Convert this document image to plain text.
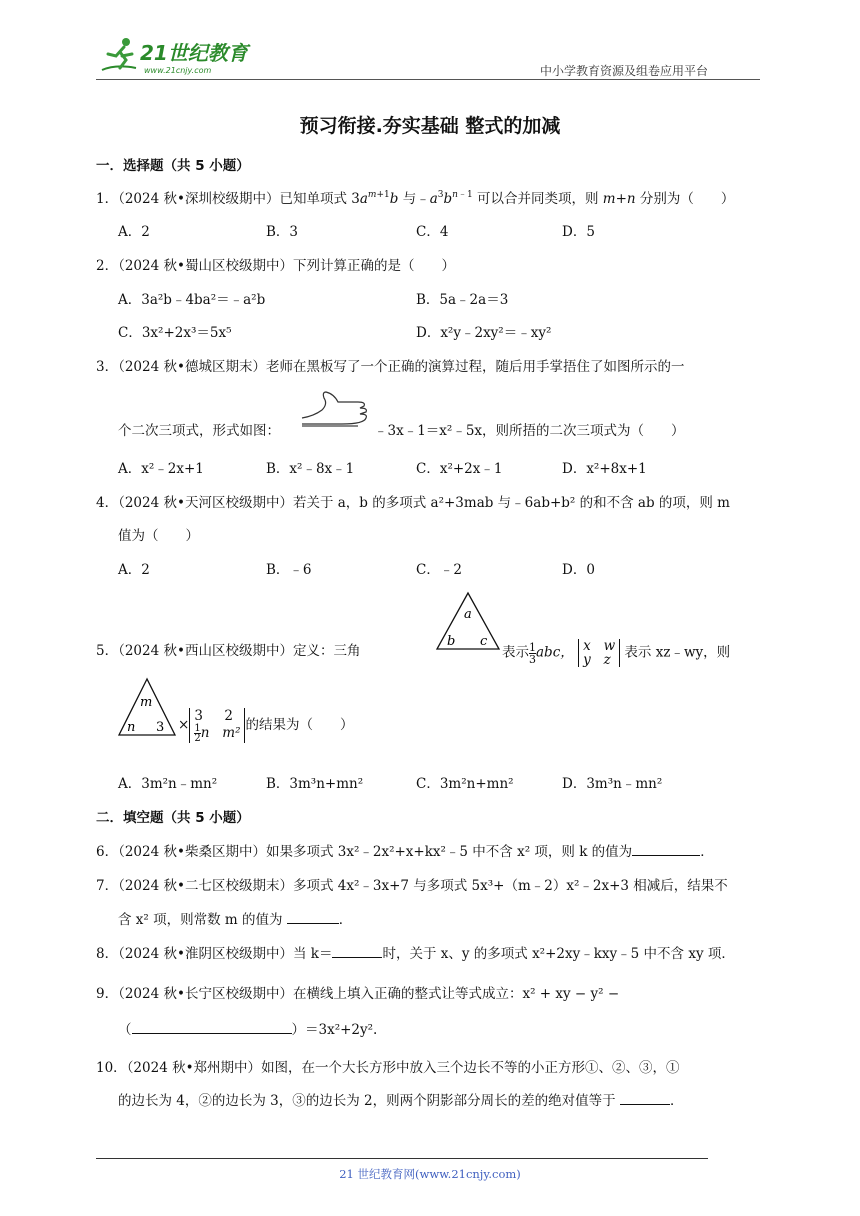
21世纪教育
www.21cnjy.com	中小学教育资源及组卷应用平台
预习衔接.夯实基础 整式的加减
一．选择题（共 5 小题）
1．（2024 秋•深圳校级期中）已知单项式 $3a^{m+1}b$ 与$﹣a^3b^{n﹣1}$ 可以合并同类项，则 m+n 分别为（　　）
A．2	B．3	C．4	D．5
2．（2024 秋•蜀山区校级期中）下列计算正确的是（　　）
A．3a²b﹣4ba²＝﹣a²b	B．5a﹣2a＝3
C．3x²+2x³＝5x⁵	D．x²y﹣2xy²＝﹣xy²
3．（2024 秋•德城区期末）老师在黑板写了一个正确的演算过程，随后用手掌捂住了如图所示的一
个二次三项式，形式如图：	﹣3x﹣1＝x²﹣5x，则所捂的二次三项式为（　　）
A．x²﹣2x+1	B．x²﹣8x﹣1	C．x²+2x﹣1	D．x²+8x+1
4．（2024 秋•天河区校级期中）若关于 a，b 的多项式 a²+3mab 与﹣6ab+b² 的和不含 ab 的项，则 m
值为（　　）
A．2	B．﹣6	C．﹣2	D．0
5．（2024 秋•西山区校级期中）定义：三角
a
b c
表示 $\frac{1}{3}$ abc， x w
y z 表示 xz﹣wy，则
m
n 3 ×3 2

$\frac{1}{2}$ n m² 的结果为（　　）
A．3m²n﹣mn²	B．3m³n+mn²	C．3m²n+mn²	D．3m³n﹣mn²
二．填空题（共 5 小题）
6．（2024 秋•柴桑区期中）如果多项式 3x²﹣2x²+x+kx²﹣5 中不含 x² 项，则 k 的值为	．
7．（2024 秋•二七区校级期末）多项式 4x²﹣3x+7 与多项式 5x³+（m﹣2）x²﹣2x+3 相减后，结果不
含 x² 项，则常数 m 的值为	．
8．（2024 秋•淮阴区校级期中）当 k＝	时，关于 x、y 的多项式 x²+2xy﹣kxy﹣5 中不含 xy 项．
9．（2024 秋•长宁区校级期中）在横线上填入正确的整式让等式成立：x² + xy − y² −
（	）＝3x²+2y².
10．（2024 秋•郑州期中）如图，在一个大长方形中放入三个边长不等的小正方形①、②、③，①
的边长为 4，②的边长为 3，③的边长为 2，则两个阴影部分周长的差的绝对值等于	．
21 世纪教育网(www.21cnjy.com)
